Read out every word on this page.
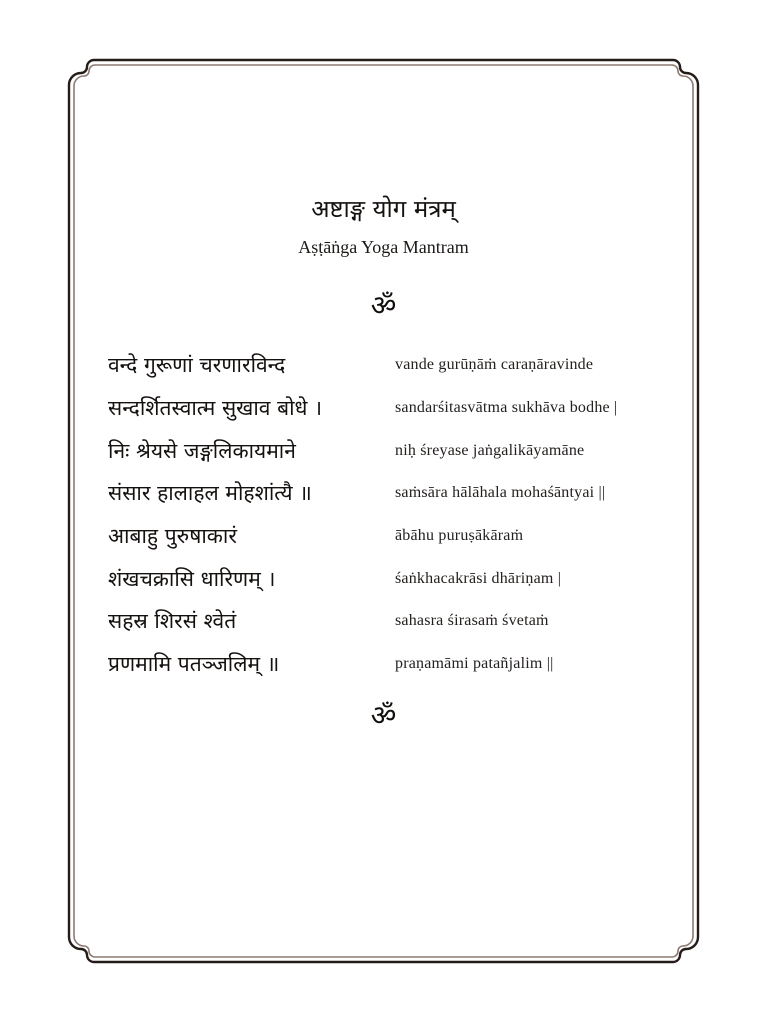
अष्टाङ्ग योग मंत्रम्
Aṣṭāṅga Yoga Mantram
ॐ
वन्दे गुरूणां चरणारविन्द	vande gurūṇāṁ caraṇāravinde
सन्दर्शितस्वात्म सुखाव बोधे ।	sandarśitasvātma sukhāva bodhe |
निः श्रेयसे जङ्गलिकायमाने	niḥ śreyase jaṅgalikāyamāne
संसार हालाहल मोहशांत्यै ॥	saṁsāra hālāhala mohaśāntyai ||
आबाहु पुरुषाकारं	ābāhu puruṣākāraṁ
शंखचक्रासि धारिणम् ।	śaṅkhacakrāsi dhāriṇam |
सहस्र शिरसं श्वेतं	sahasra śirasaṁ śvetaṁ
प्रणमामि पतञ्जलिम् ॥	praṇamāmi patañjalim ||
ॐ
